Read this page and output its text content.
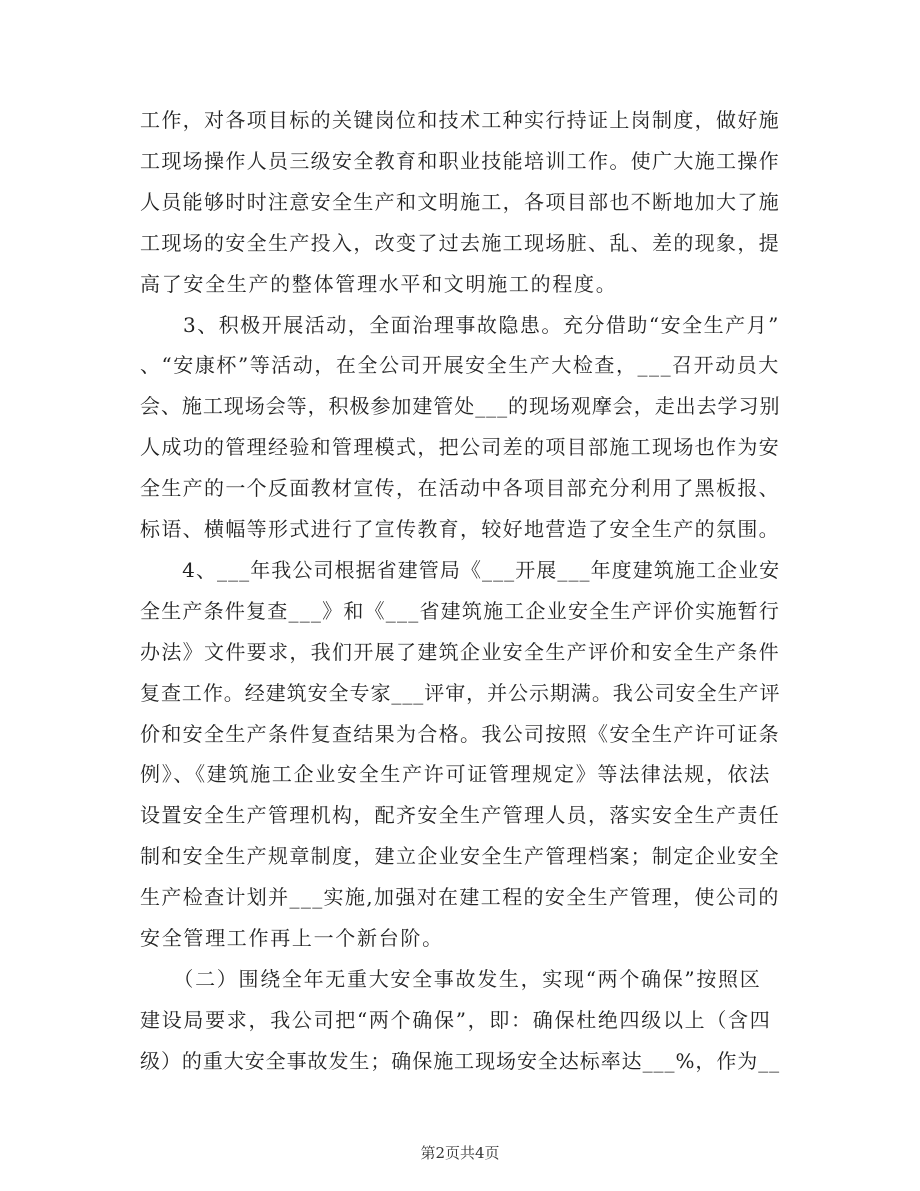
工作，对各项目标的关键岗位和技术工种实行持证上岗制度，做好施
工现场操作人员三级安全教育和职业技能培训工作。使广大施工操作
人员能够时时注意安全生产和文明施工，各项目部也不断地加大了施
工现场的安全生产投入，改变了过去施工现场脏、乱、差的现象，提
高了安全生产的整体管理水平和文明施工的程度。
　　3、积极开展活动，全面治理事故隐患。充分借助“安全生产月”
、“安康杯”等活动，在全公司开展安全生产大检查，___召开动员大
会、施工现场会等，积极参加建管处___的现场观摩会，走出去学习别
人成功的管理经验和管理模式，把公司差的项目部施工现场也作为安
全生产的一个反面教材宣传，在活动中各项目部充分利用了黑板报、
标语、横幅等形式进行了宣传教育，较好地营造了安全生产的氛围。
　　4、___年我公司根据省建管局《___开展___年度建筑施工企业安
全生产条件复查___》和《___省建筑施工企业安全生产评价实施暂行
办法》文件要求，我们开展了建筑企业安全生产评价和安全生产条件
复查工作。经建筑安全专家___评审，并公示期满。我公司安全生产评
价和安全生产条件复查结果为合格。我公司按照《安全生产许可证条
例》、《建筑施工企业安全生产许可证管理规定》等法律法规，依法
设置安全生产管理机构，配齐安全生产管理人员，落实安全生产责任
制和安全生产规章制度，建立企业安全生产管理档案；制定企业安全
生产检查计划并___实施,加强对在建工程的安全生产管理，使公司的
安全管理工作再上一个新台阶。
　　（二）围绕全年无重大安全事故发生，实现“两个确保”按照区
建设局要求，我公司把“两个确保”，即：确保杜绝四级以上（含四
级）的重大安全事故发生；确保施工现场安全达标率达___%，作为__
第2页共4页
